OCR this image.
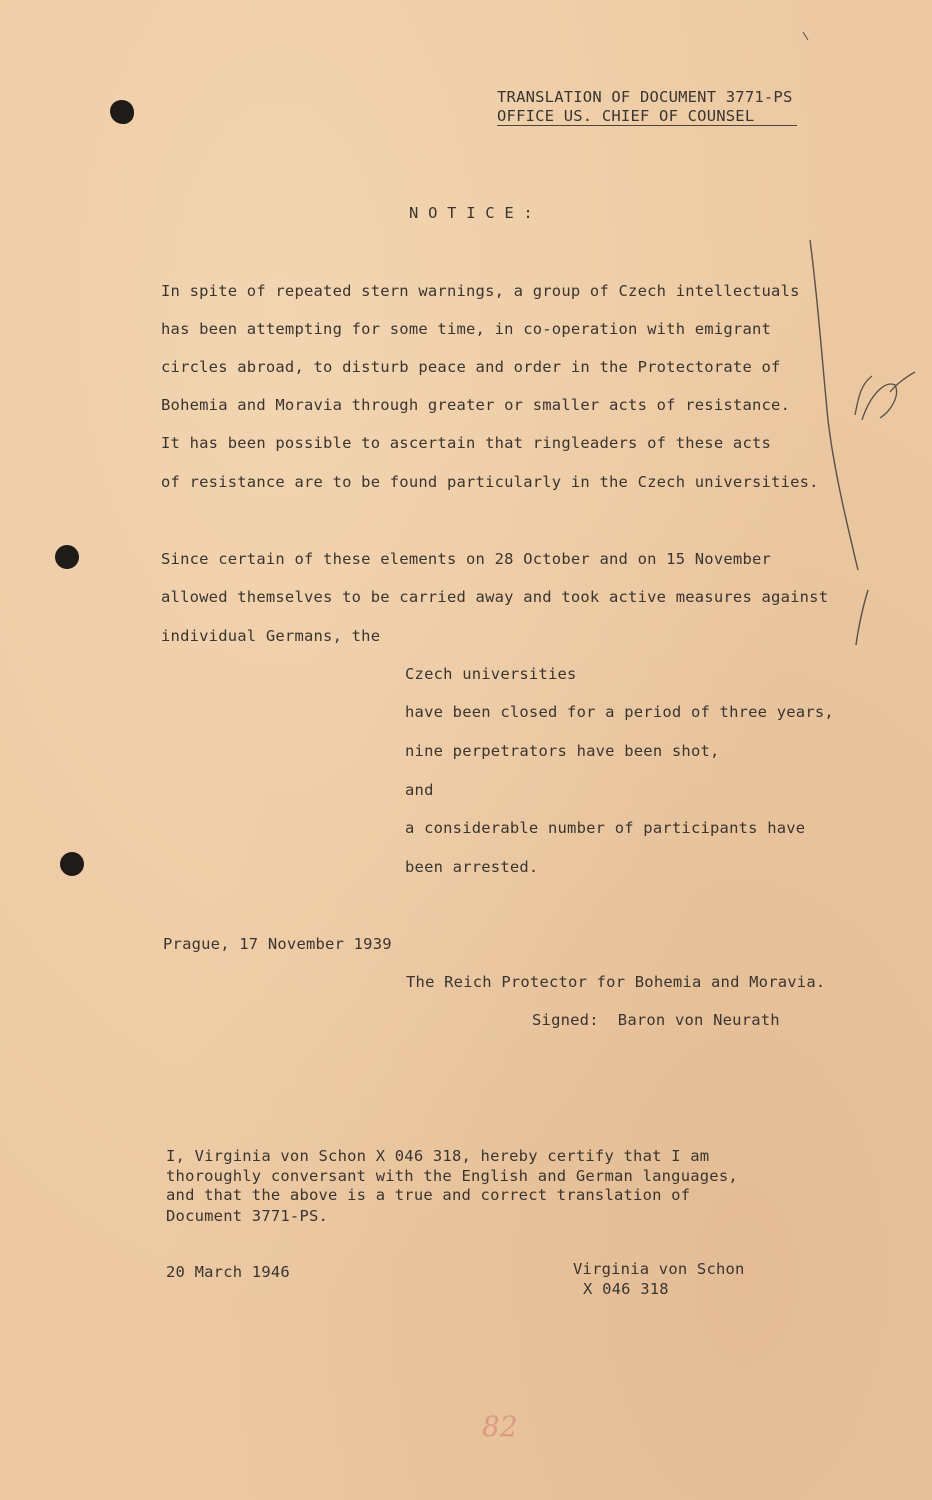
TRANSLATION OF DOCUMENT 3771-PS
OFFICE US. CHIEF OF COUNSEL
N O T I C E :
In spite of repeated stern warnings, a group of Czech intellectuals
has been attempting for some time, in co-operation with emigrant
circles abroad, to disturb peace and order in the Protectorate of
Bohemia and Moravia through greater or smaller acts of resistance.
It has been possible to ascertain that ringleaders of these acts
of resistance are to be found particularly in the Czech universities.
Since certain of these elements on 28 October and on 15 November
allowed themselves to be carried away and took active measures against
individual Germans, the
Czech universities
have been closed for a period of three years,
nine perpetrators have been shot,
and
a considerable number of participants have
been arrested.
Prague, 17 November 1939
The Reich Protector for Bohemia and Moravia.
Signed:  Baron von Neurath
I, Virginia von Schon X 046 318, hereby certify that I am
thoroughly conversant with the English and German languages,
and that the above is a true and correct translation of
Document 3771-PS.
20 March 1946	Virginia von Schon
X 046 318
82
